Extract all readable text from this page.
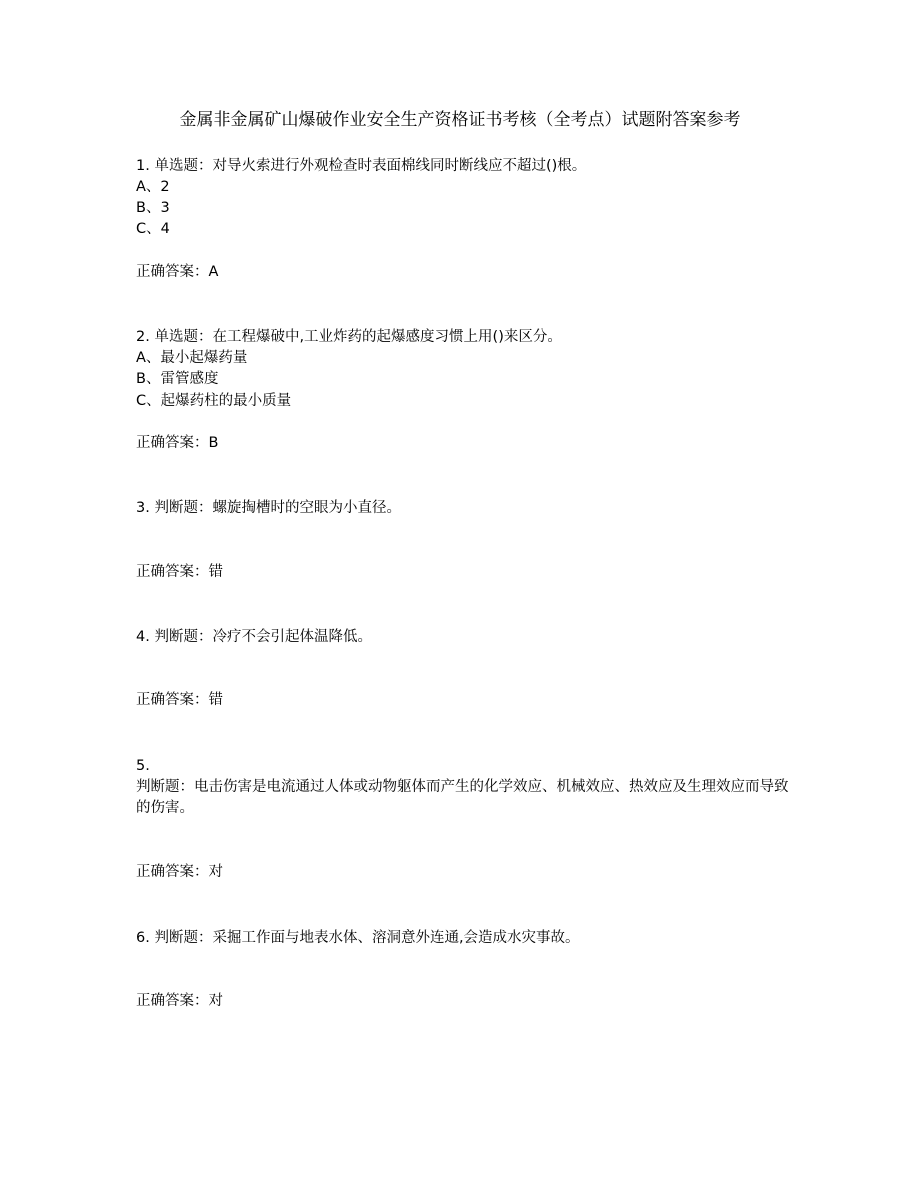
金属非金属矿山爆破作业安全生产资格证书考核（全考点）试题附答案参考
1. 单选题：对导火索进行外观检查时表面棉线同时断线应不超过()根。
A、2
B、3
C、4
正确答案：A
2. 单选题：在工程爆破中,工业炸药的起爆感度习惯上用()来区分。
A、最小起爆药量
B、雷管感度
C、起爆药柱的最小质量
正确答案：B
3. 判断题：螺旋掏槽时的空眼为小直径。
正确答案：错
4. 判断题：冷疗不会引起体温降低。
正确答案：错
5.
判断题：电击伤害是电流通过人体或动物躯体而产生的化学效应、机械效应、热效应及生理效应而导致的伤害。
正确答案：对
6. 判断题：采掘工作面与地表水体、溶洞意外连通,会造成水灾事故。
正确答案：对
